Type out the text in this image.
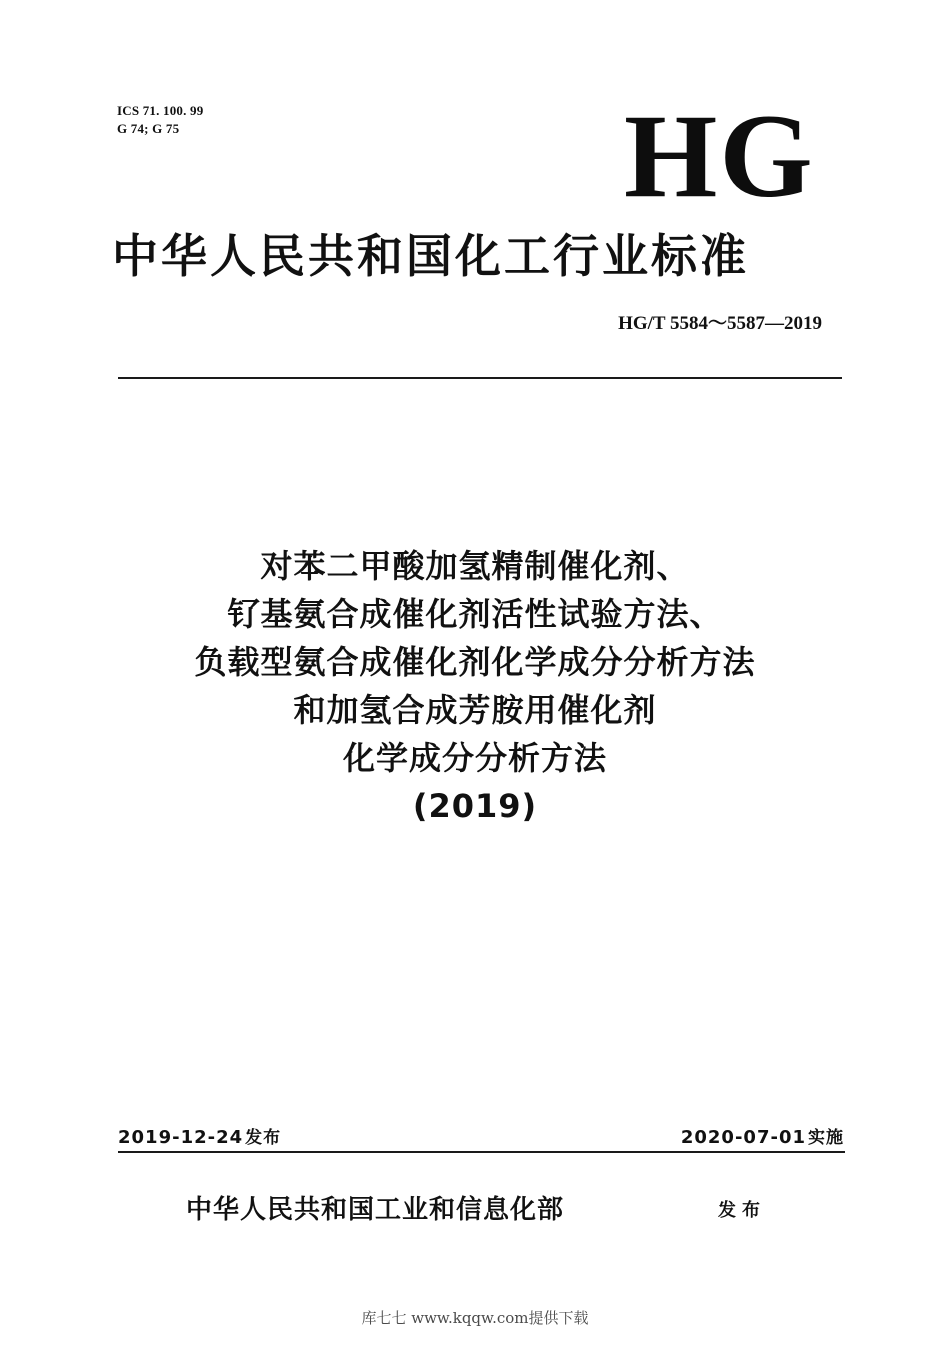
ICS 71. 100. 99
G 74; G 75	HG
中华人民共和国化工行业标准
HG/T 5584～5587—2019
对苯二甲酸加氢精制催化剂、
钌基氨合成催化剂活性试验方法、
负载型氨合成催化剂化学成分分析方法
和加氢合成芳胺用催化剂
化学成分分析方法
(2019)
2019-12-24 发布	2020-07-01 实施
中华人民共和国工业和信息化部	发布
库七七 www.kqqw.com提供下载
